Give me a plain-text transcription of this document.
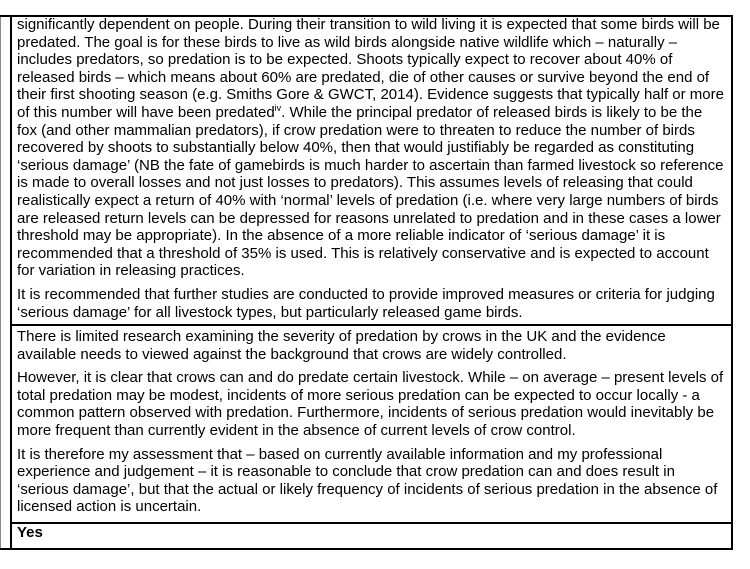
significantly dependent on people. During their transition to wild living it is expected that some birds will be predated. The goal is for these birds to live as wild birds alongside native wildlife which – naturally – includes predators, so predation is to be expected. Shoots typically expect to recover about 40% of released birds – which means about 60% are predated, die of other causes or survive beyond the end of their first shooting season (e.g. Smiths Gore & GWCT, 2014). Evidence suggests that typically half or more of this number will have been predated$^{iv}$. While the principal predator of released birds is likely to be the fox (and other mammalian predators), if crow predation were to threaten to reduce the number of birds recovered by shoots to substantially below 40%, then that would justifiably be regarded as constituting ‘serious damage’ (NB the fate of gamebirds is much harder to ascertain than farmed livestock so reference is made to overall losses and not just losses to predators). This assumes levels of releasing that could realistically expect a return of 40% with ‘normal’ levels of predation (i.e. where very large numbers of birds are released return levels can be depressed for reasons unrelated to predation and in these cases a lower threshold may be appropriate). In the absence of a more reliable indicator of ‘serious damage’ it is recommended that a threshold of 35% is used. This is relatively conservative and is expected to account for variation in releasing practices.

It is recommended that further studies are conducted to provide improved measures or criteria for judging ‘serious damage’ for all livestock types, but particularly released game birds.

There is limited research examining the severity of predation by crows in the UK and the evidence available needs to viewed against the background that crows are widely controlled.

However, it is clear that crows can and do predate certain livestock. While – on average – present levels of total predation may be modest, incidents of more serious predation can be expected to occur locally - a common pattern observed with predation. Furthermore, incidents of serious predation would inevitably be more frequent than currently evident in the absence of current levels of crow control.

It is therefore my assessment that – based on currently available information and my professional experience and judgement – it is reasonable to conclude that crow predation can and does result in ‘serious damage’, but that the actual or likely frequency of incidents of serious predation in the absence of licensed action is uncertain.

Yes
